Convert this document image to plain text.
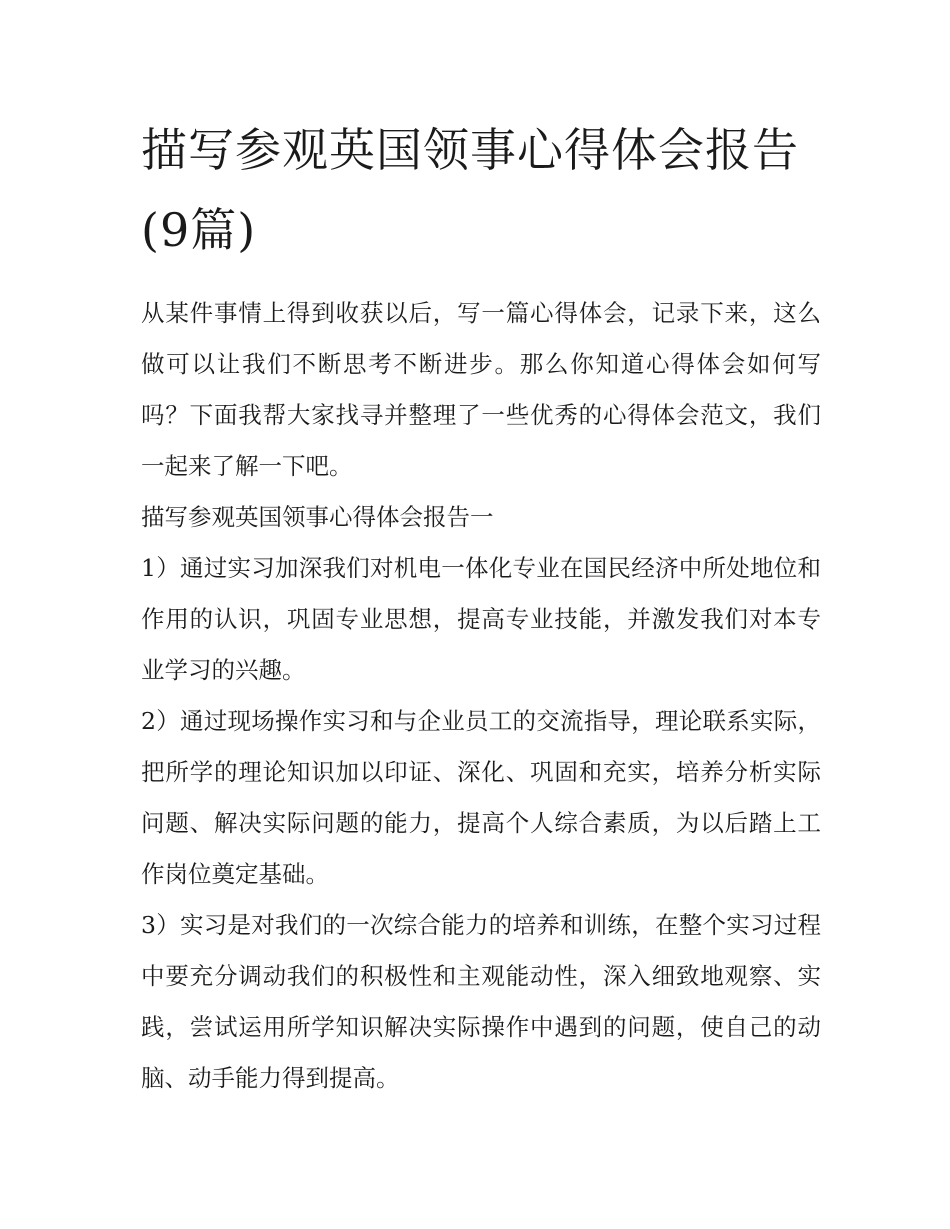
描写参观英国领事心得体会报告(9篇)

从某件事情上得到收获以后，写一篇心得体会，记录下来，这么做可以让我们不断思考不断进步。那么你知道心得体会如何写吗？下面我帮大家找寻并整理了一些优秀的心得体会范文，我们一起来了解一下吧。

描写参观英国领事心得体会报告一

1）通过实习加深我们对机电一体化专业在国民经济中所处地位和作用的认识，巩固专业思想，提高专业技能，并激发我们对本专业学习的兴趣。

2）通过现场操作实习和与企业员工的交流指导，理论联系实际，把所学的理论知识加以印证、深化、巩固和充实，培养分析实际问题、解决实际问题的能力，提高个人综合素质，为以后踏上工作岗位奠定基础。

3）实习是对我们的一次综合能力的培养和训练，在整个实习过程中要充分调动我们的积极性和主观能动性，深入细致地观察、实践，尝试运用所学知识解决实际操作中遇到的问题，使自己的动脑、动手能力得到提高。
